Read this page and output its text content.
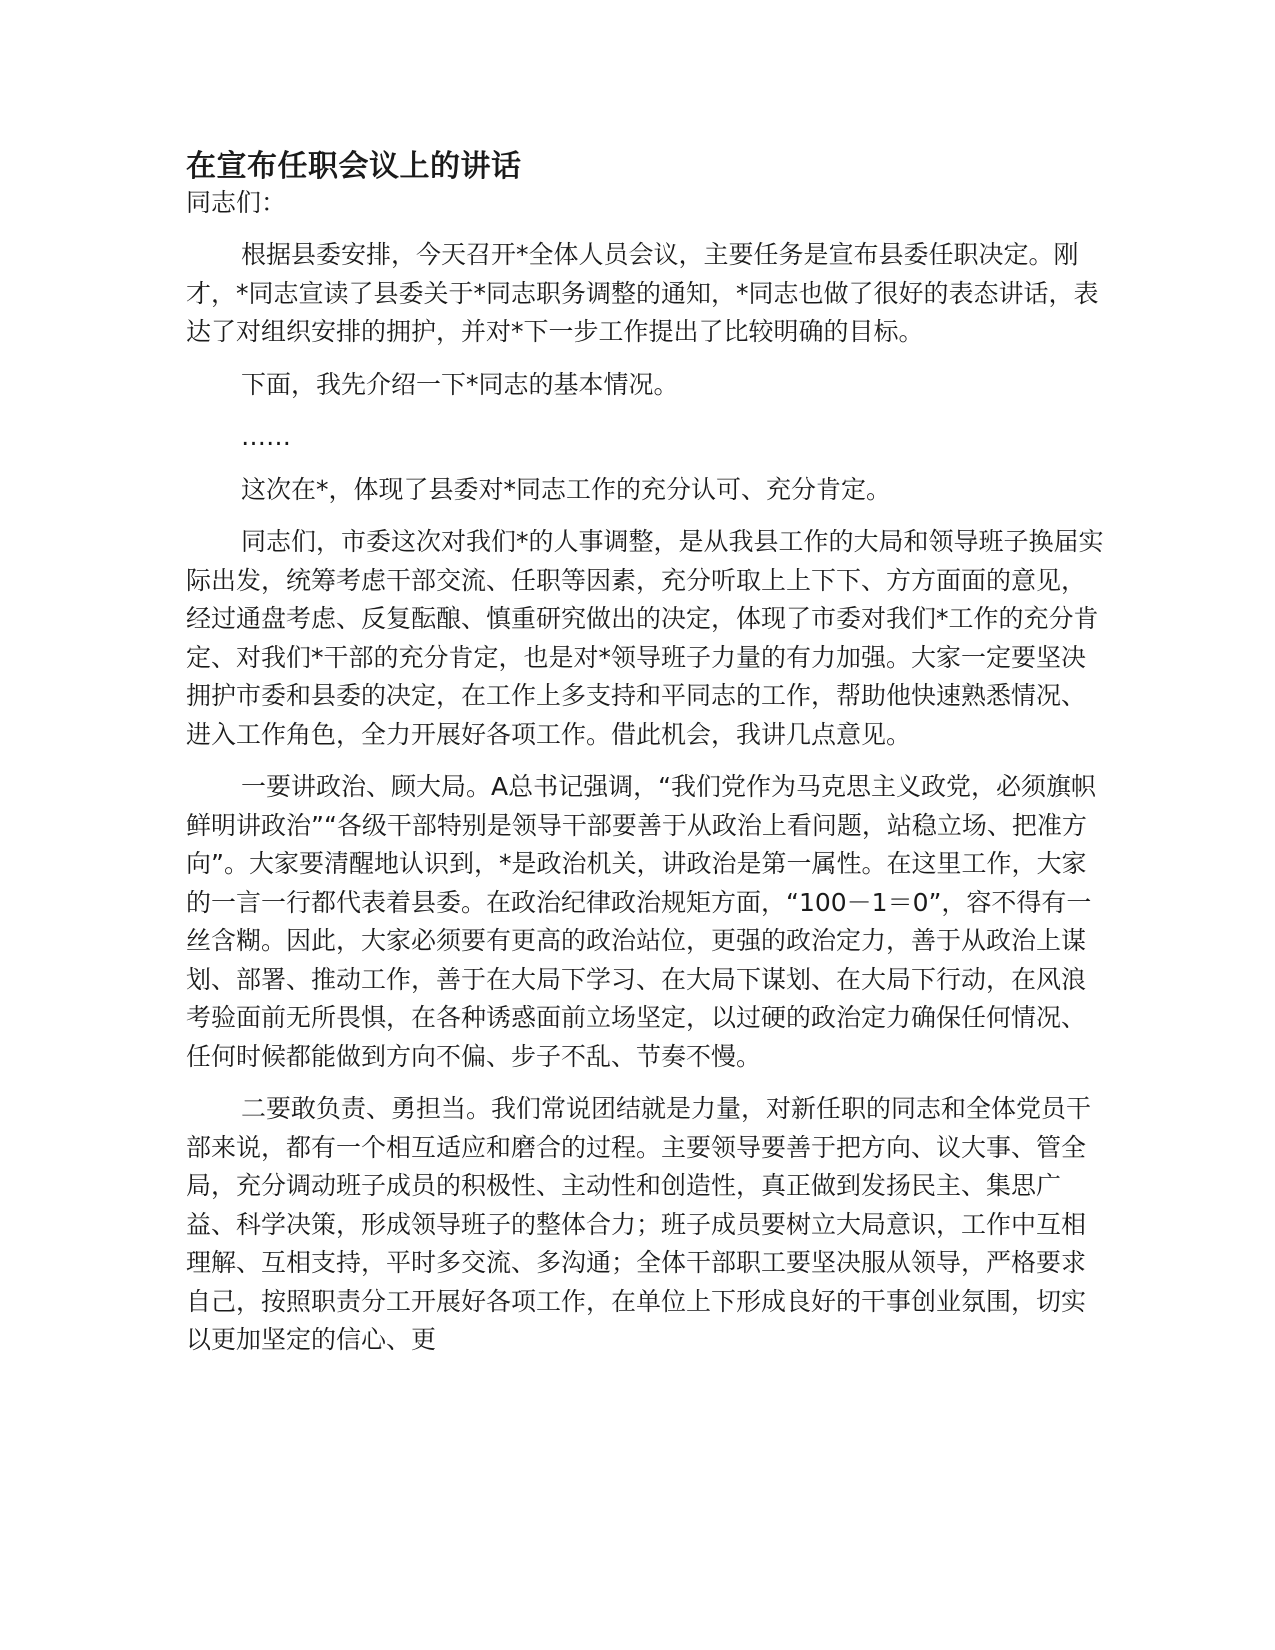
在宣布任职会议上的讲话

同志们：

根据县委安排，今天召开*全体人员会议，主要任务是宣布县委任职决定。刚才，*同志宣读了县委关于*同志职务调整的通知，*同志也做了很好的表态讲话，表达了对组织安排的拥护，并对*下一步工作提出了比较明确的目标。

下面，我先介绍一下*同志的基本情况。

……

这次在*，体现了县委对*同志工作的充分认可、充分肯定。

同志们，市委这次对我们*的人事调整，是从我县工作的大局和领导班子换届实际出发，统筹考虑干部交流、任职等因素，充分听取上上下下、方方面面的意见，经过通盘考虑、反复酝酿、慎重研究做出的决定，体现了市委对我们*工作的充分肯定、对我们*干部的充分肯定，也是对*领导班子力量的有力加强。大家一定要坚决拥护市委和县委的决定，在工作上多支持和平同志的工作，帮助他快速熟悉情况、进入工作角色，全力开展好各项工作。借此机会，我讲几点意见。

一要讲政治、顾大局。A总书记强调，“我们党作为马克思主义政党，必须旗帜鲜明讲政治”“各级干部特别是领导干部要善于从政治上看问题，站稳立场、把准方向”。大家要清醒地认识到，*是政治机关，讲政治是第一属性。在这里工作，大家的一言一行都代表着县委。在政治纪律政治规矩方面，“100－1＝0”，容不得有一丝含糊。因此，大家必须要有更高的政治站位，更强的政治定力，善于从政治上谋划、部署、推动工作，善于在大局下学习、在大局下谋划、在大局下行动，在风浪考验面前无所畏惧，在各种诱惑面前立场坚定，以过硬的政治定力确保任何情况、任何时候都能做到方向不偏、步子不乱、节奏不慢。

二要敢负责、勇担当。我们常说团结就是力量，对新任职的同志和全体党员干部来说，都有一个相互适应和磨合的过程。主要领导要善于把方向、议大事、管全局，充分调动班子成员的积极性、主动性和创造性，真正做到发扬民主、集思广益、科学决策，形成领导班子的整体合力；班子成员要树立大局意识，工作中互相理解、互相支持，平时多交流、多沟通；全体干部职工要坚决服从领导，严格要求自己，按照职责分工开展好各项工作，在单位上下形成良好的干事创业氛围，切实以更加坚定的信心、更
